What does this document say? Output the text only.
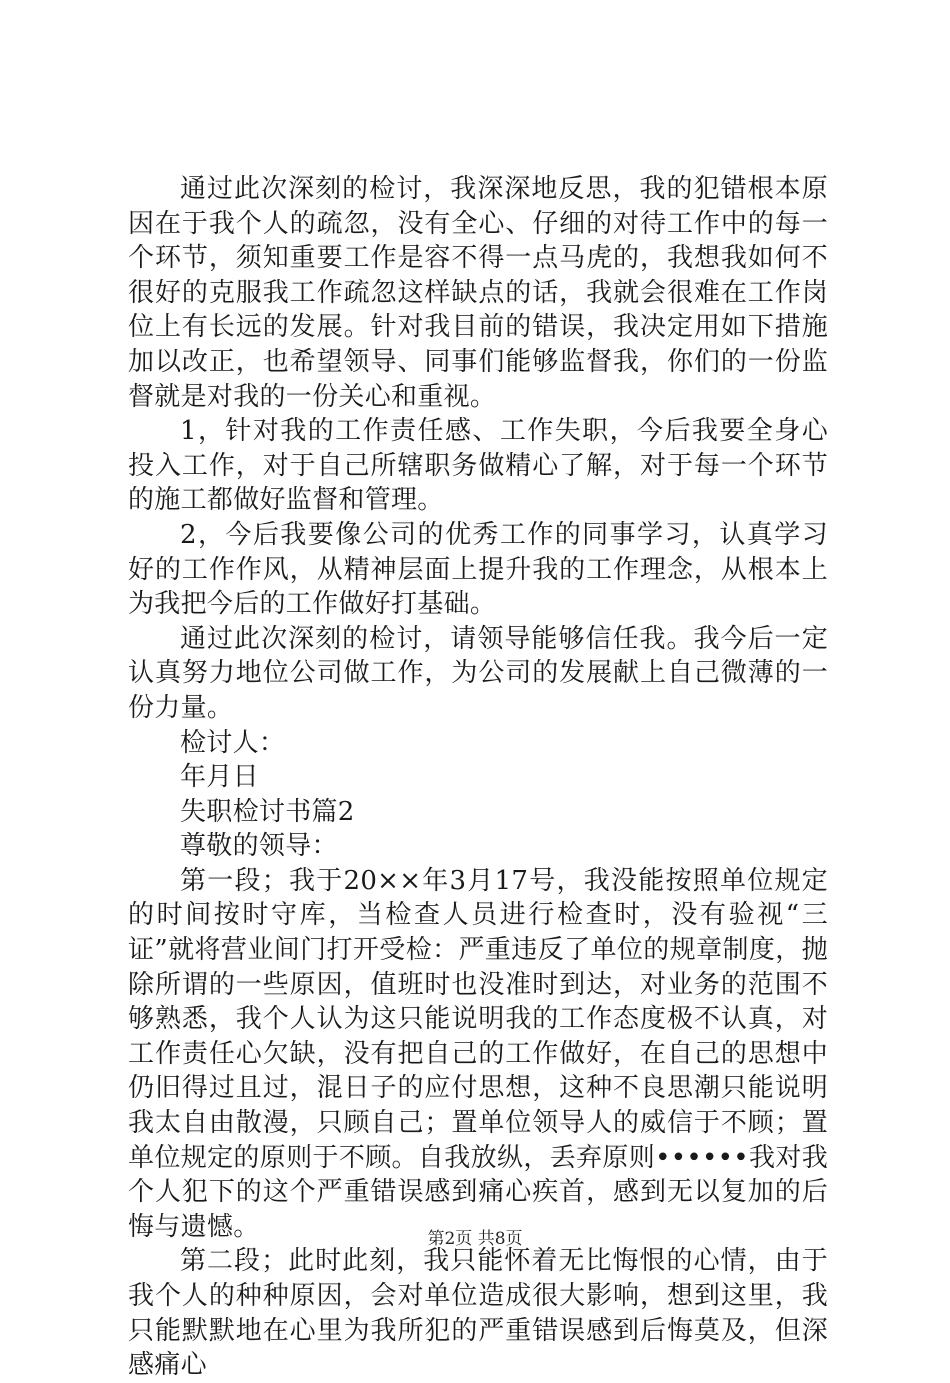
通过此次深刻的检讨，我深深地反思，我的犯错根本原因在于我个人的疏忽，没有全心、仔细的对待工作中的每一个环节，须知重要工作是容不得一点马虎的，我想我如何不很好的克服我工作疏忽这样缺点的话，我就会很难在工作岗位上有长远的发展。针对我目前的错误，我决定用如下措施加以改正，也希望领导、同事们能够监督我，你们的一份监督就是对我的一份关心和重视。

1，针对我的工作责任感、工作失职，今后我要全身心投入工作，对于自己所辖职务做精心了解，对于每一个环节的施工都做好监督和管理。

2，今后我要像公司的优秀工作的同事学习，认真学习好的工作作风，从精神层面上提升我的工作理念，从根本上为我把今后的工作做好打基础。

通过此次深刻的检讨，请领导能够信任我。我今后一定认真努力地位公司做工作，为公司的发展献上自己微薄的一份力量。

检讨人：

年月日

失职检讨书篇2

尊敬的领导：

第一段；我于20××年3月17号，我没能按照单位规定的时间按时守库，当检查人员进行检查时，没有验视“三证”就将营业间门打开受检：严重违反了单位的规章制度，抛除所谓的一些原因，值班时也没准时到达，对业务的范围不够熟悉，我个人认为这只能说明我的工作态度极不认真，对工作责任心欠缺，没有把自己的工作做好，在自己的思想中仍旧得过且过，混日子的应付思想，这种不良思潮只能说明我太自由散漫，只顾自己；置单位领导人的威信于不顾；置单位规定的原则于不顾。自我放纵，丢弃原则••••••我对我个人犯下的这个严重错误感到痛心疾首，感到无以复加的后悔与遗憾。

第二段；此时此刻，我只能怀着无比悔恨的心情，由于我个人的种种原因，会对单位造成很大影响，想到这里，我只能默默地在心里为我所犯的严重错误感到后悔莫及，但深感痛心

第2页 共8页
